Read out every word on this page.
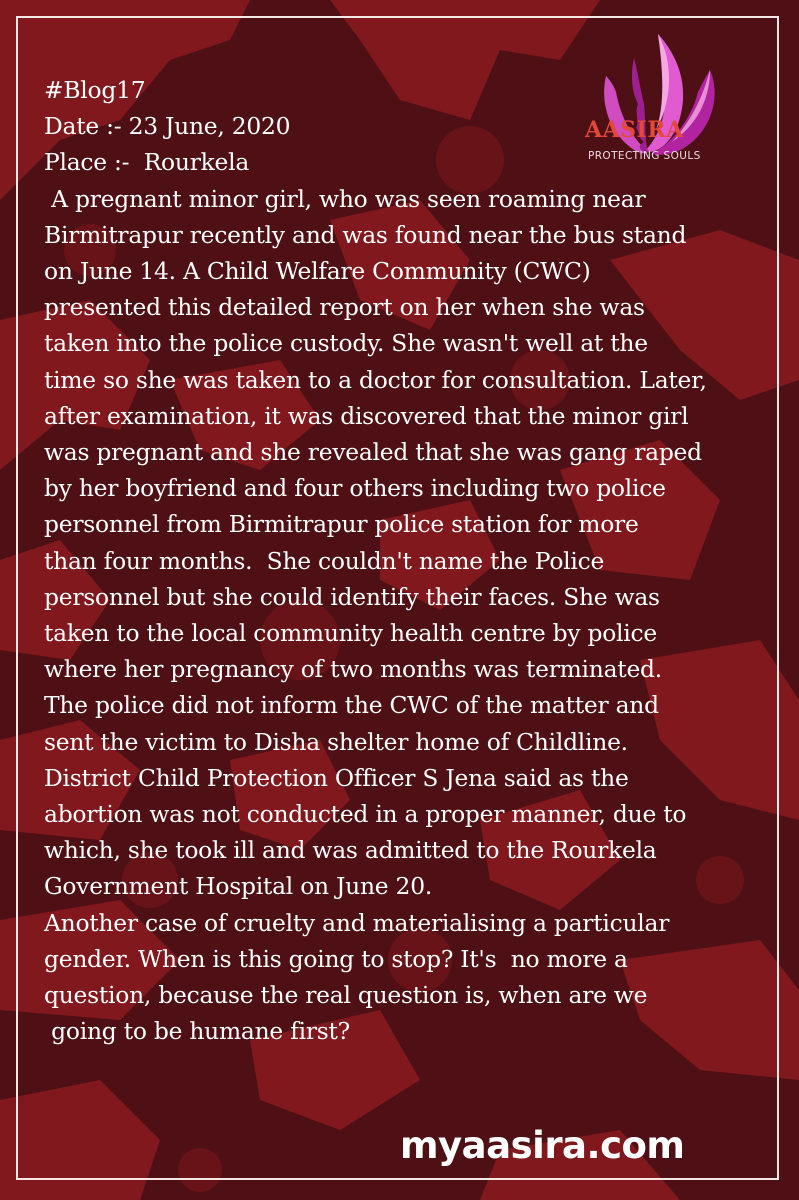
AASIRA
PROTECTING SOULS
#Blog17
Date :- 23 June, 2020
Place :-  Rourkela
A pregnant minor girl, who was seen roaming near
Birmitrapur recently and was found near the bus stand
on June 14. A Child Welfare Community (CWC)
presented this detailed report on her when she was
taken into the police custody. She wasn't well at the
time so she was taken to a doctor for consultation. Later,
after examination, it was discovered that the minor girl
was pregnant and she revealed that she was gang raped
by her boyfriend and four others including two police
personnel from Birmitrapur police station for more
than four months.  She couldn't name the Police
personnel but she could identify their faces. She was
taken to the local community health centre by police
where her pregnancy of two months was terminated.
The police did not inform the CWC of the matter and
sent the victim to Disha shelter home of Childline.
District Child Protection Officer S Jena said as the
abortion was not conducted in a proper manner, due to
which, she took ill and was admitted to the Rourkela
Government Hospital on June 20.
Another case of cruelty and materialising a particular
gender. When is this going to stop? It's  no more a
question, because the real question is, when are we
going to be humane first?
myaasira.com
